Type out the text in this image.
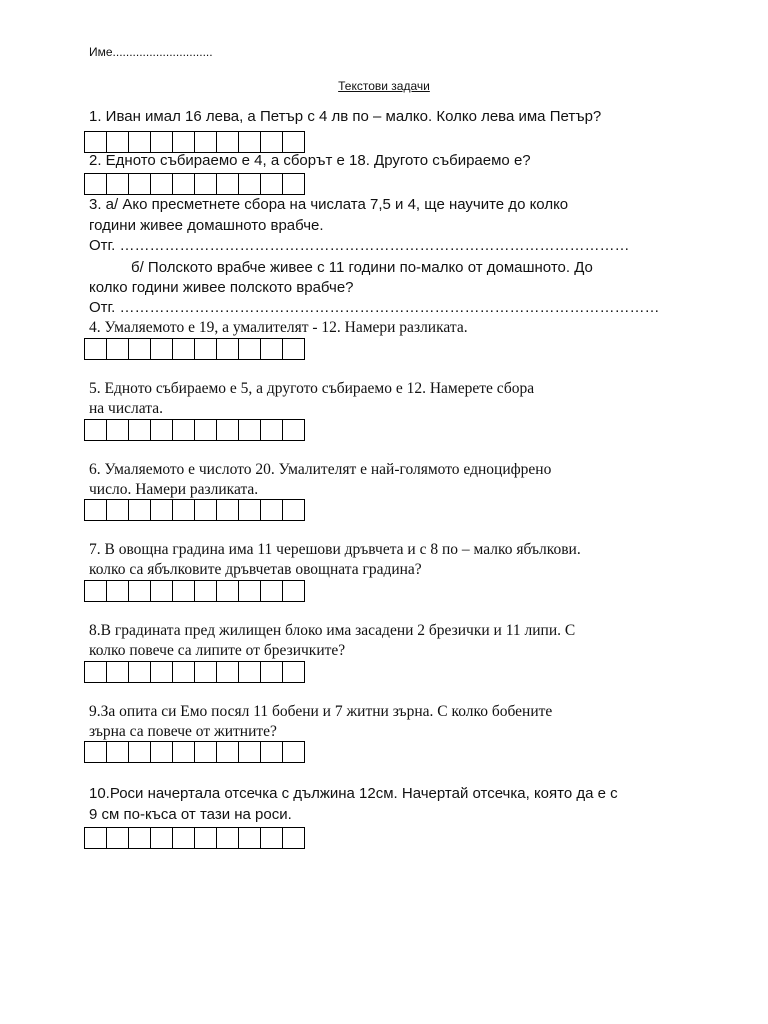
Име..............................
Текстови задачи
1. Иван имал 16 лева, а Петър с 4 лв по – малко. Колко лева има Петър?
2. Едното събираемо е 4, а сборът е 18. Другото събираемо е?
3. а/ Ако пресметнете сбора на числата 7,5 и 4, ще научите до колко
години живее домашното врабче.
Отг. …………………………………………………………………………………………
б/ Полското врабче живее с 11 години по-малко от домашното. До
колко години живее полското врабче?
Отг. ………………………………………………………………………………………………
4. Умаляемото е 19, а умалителят - 12. Намери разликата.
5. Едното събираемо е 5, а другото събираемо е 12. Намерете сбора
на числата.
6. Умаляемото е числото 20. Умалителят е най-голямото едноцифрено
число. Намери разликата.
7. В овощна градина има 11 черешови дръвчета и с 8 по – малко ябълкови.
колко са ябълковите дръвчетав овощната градина?
8.В градината пред жилищен блоко има засадени 2 брезички и 11 липи. С
колко повече са липите от брезичките?
9.За опита си Емо посял 11 бобени и 7 житни зърна. С колко бобените
зърна са повече от житните?
10.Роси начертала отсечка с дължина 12см. Начертай отсечка, която да е с
9 см по-къса от тази на роси.
